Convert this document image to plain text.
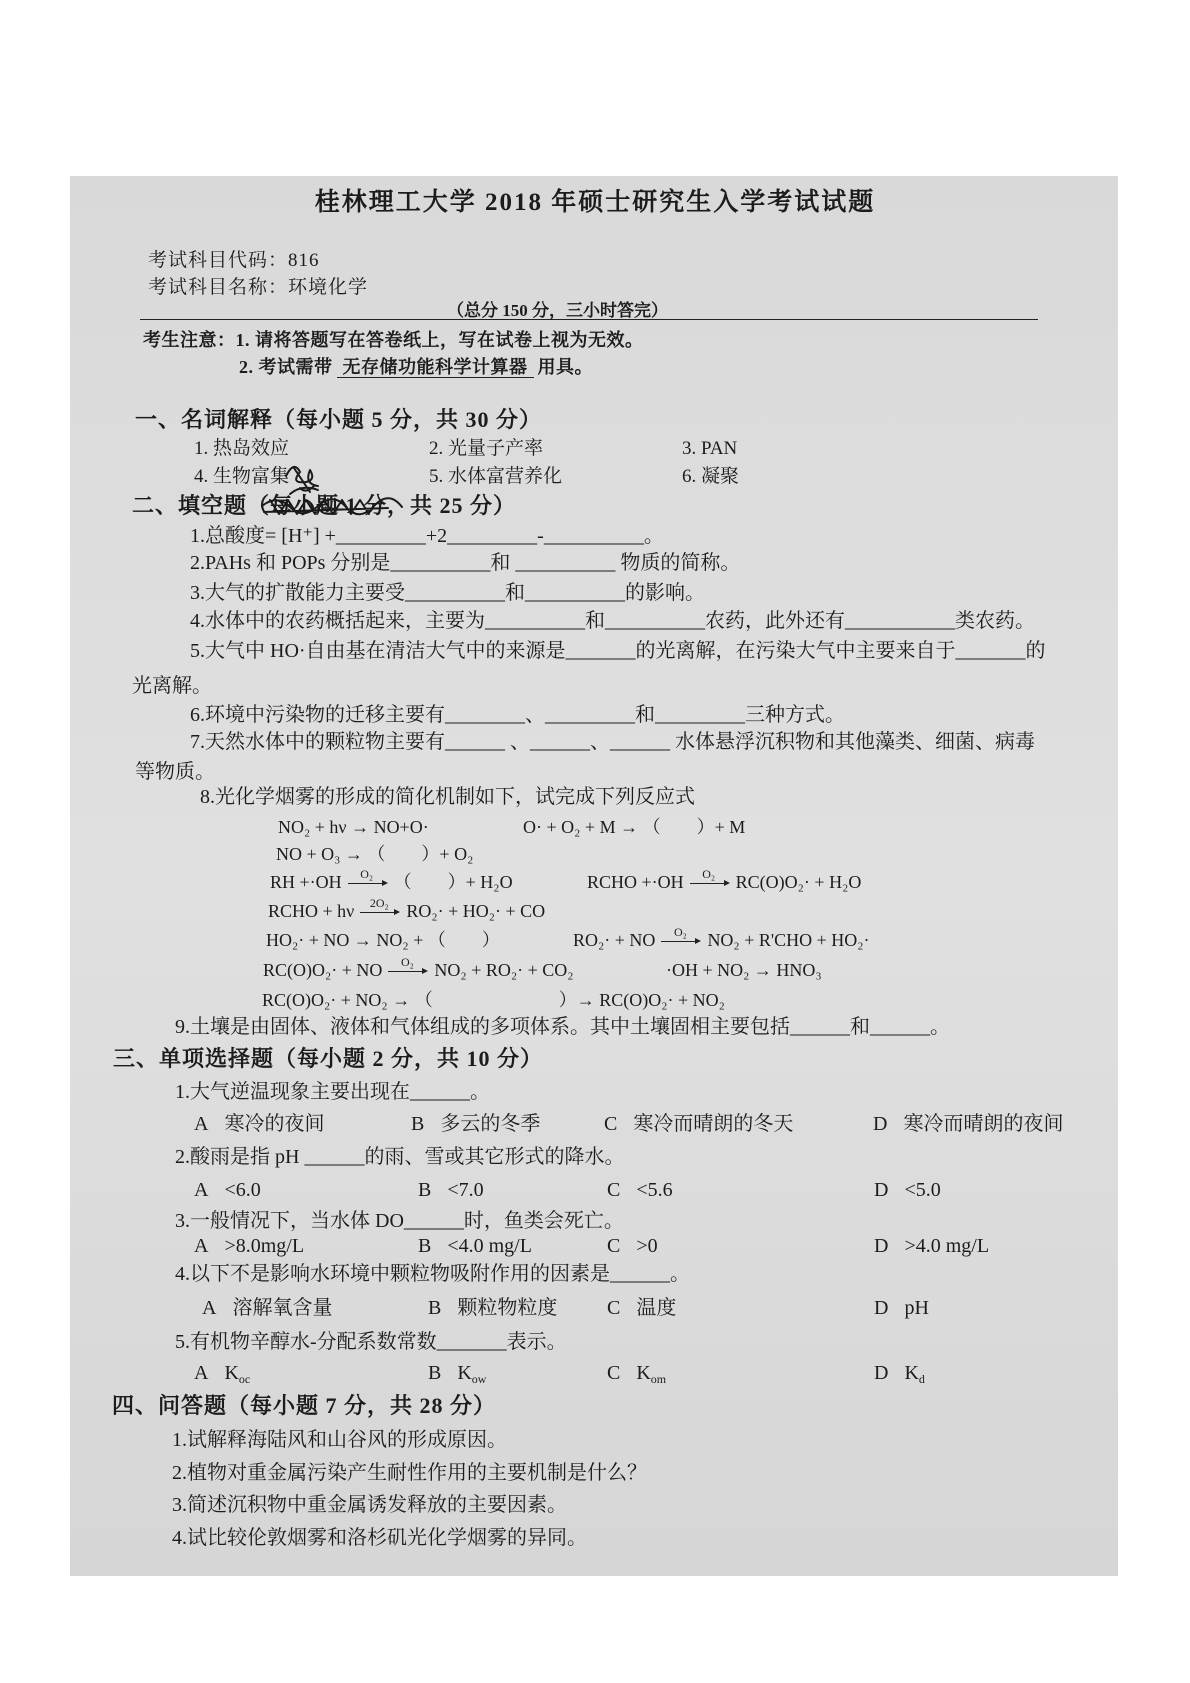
桂林理工大学 2018 年硕士研究生入学考试试题
考试科目代码：816
考试科目名称：环境化学
（总分 150 分，三小时答完）
考生注意：1. 请将答题写在答卷纸上，写在试卷上视为无效。
2. 考试需带 无存储功能科学计算器 用具。
一、名词解释（每小题 5 分，共 30 分）
1. 热岛效应	2. 光量子产率	3. PAN
4. 生物富集	5. 水体富营养化	6. 凝聚
二、填空题（每小题 1 分，共 25 分）
1.总酸度= [H⁺] +_________+2_________-__________。
2.PAHs 和 POPs 分别是__________和 __________ 物质的简称。
3.大气的扩散能力主要受__________和__________的影响。
4.水体中的农药概括起来，主要为__________和__________农药，此外还有___________类农药。
5.大气中 HO·自由基在清洁大气中的来源是_______的光离解，在污染大气中主要来自于_______的
光离解。
6.环境中污染物的迁移主要有________、_________和_________三种方式。
7.天然水体中的颗粒物主要有______ 、______、______ 水体悬浮沉积物和其他藻类、细菌、病毒
等物质。
8.光化学烟雾的形成的简化机制如下，试完成下列反应式
NO₂ + hν → NO+O·	O· + O₂ + M → （　　）+ M
NO + O₃ → （　　）+ O₂
RH +·OH	O₂	（　　）+ H₂O	RCHO +·OH	O₂	RC(O)O₂· + H₂O
RCHO + hν	2O₂ RO₂· + HO₂· + CO
HO₂· + NO → NO₂ + （　　）	RO₂· + NO	O₂	NO₂ + R'CHO + HO₂·
RC(O)O₂· + NO	O₂	NO₂ + RO₂· + CO₂	·OH + NO₂ → HNO₃
RC(O)O₂· + NO₂ → （　　　　　　　）→ RC(O)O₂· + NO₂
9.土壤是由固体、液体和气体组成的多项体系。其中土壤固相主要包括______和______。
三、单项选择题（每小题 2 分，共 10 分）
1.大气逆温现象主要出现在______。
A 寒冷的夜间	B 多云的冬季	C 寒冷而晴朗的冬天	D 寒冷而晴朗的夜间
2.酸雨是指 pH ______的雨、雪或其它形式的降水。
A <6.0	B <7.0	C <5.6	D <5.0
3.一般情况下，当水体 DO______时，鱼类会死亡。
A >8.0mg/L	B <4.0 mg/L	C >0	D >4.0 mg/L
4.以下不是影响水环境中颗粒物吸附作用的因素是______。
A 溶解氧含量	B 颗粒物粒度 C 温度	D pH
5.有机物辛醇水-分配系数常数_______表示。
A $K_{oc}$	B $K_{ow}$	C $K_{om}$	D $K_d$
四、问答题（每小题 7 分，共 28 分）
1.试解释海陆风和山谷风的形成原因。
2.植物对重金属污染产生耐性作用的主要机制是什么？
3.简述沉积物中重金属诱发释放的主要因素。
4.试比较伦敦烟雾和洛杉矶光化学烟雾的异同。
